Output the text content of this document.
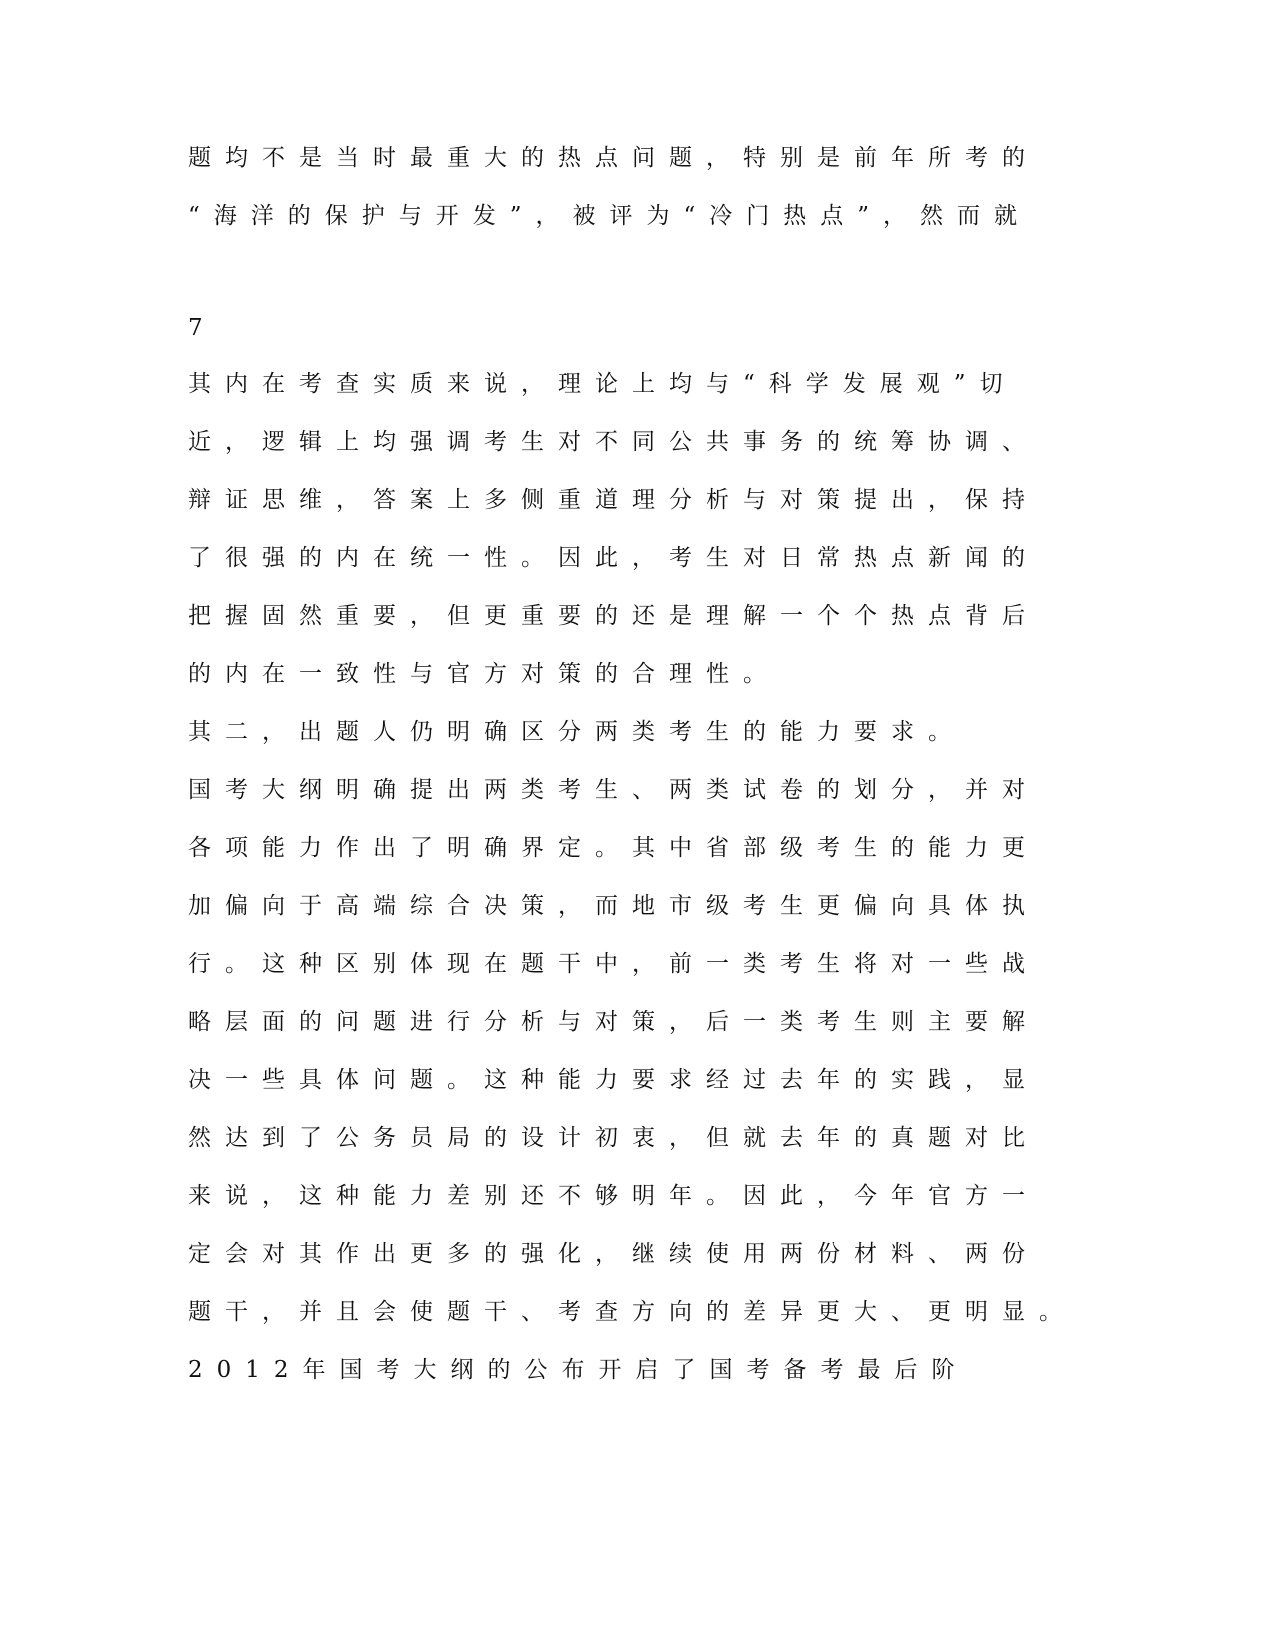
题均不是当时最重大的热点问题，特别是前年所考的
“海洋的保护与开发”，被评为“冷门热点”，然而就
7
其内在考查实质来说，理论上均与“科学发展观”切
近，逻辑上均强调考生对不同公共事务的统筹协调、
辩证思维，答案上多侧重道理分析与对策提出，保持
了很强的内在统一性。因此，考生对日常热点新闻的
把握固然重要，但更重要的还是理解一个个热点背后
的内在一致性与官方对策的合理性。
其二，出题人仍明确区分两类考生的能力要求。
国考大纲明确提出两类考生、两类试卷的划分，并对
各项能力作出了明确界定。其中省部级考生的能力更
加偏向于高端综合决策，而地市级考生更偏向具体执
行。这种区别体现在题干中，前一类考生将对一些战
略层面的问题进行分析与对策，后一类考生则主要解
决一些具体问题。这种能力要求经过去年的实践，显
然达到了公务员局的设计初衷，但就去年的真题对比
来说，这种能力差别还不够明年。因此，今年官方一
定会对其作出更多的强化，继续使用两份材料、两份
题干，并且会使题干、考查方向的差异更大、更明显。
2012年国考大纲的公布开启了国考备考最后阶
